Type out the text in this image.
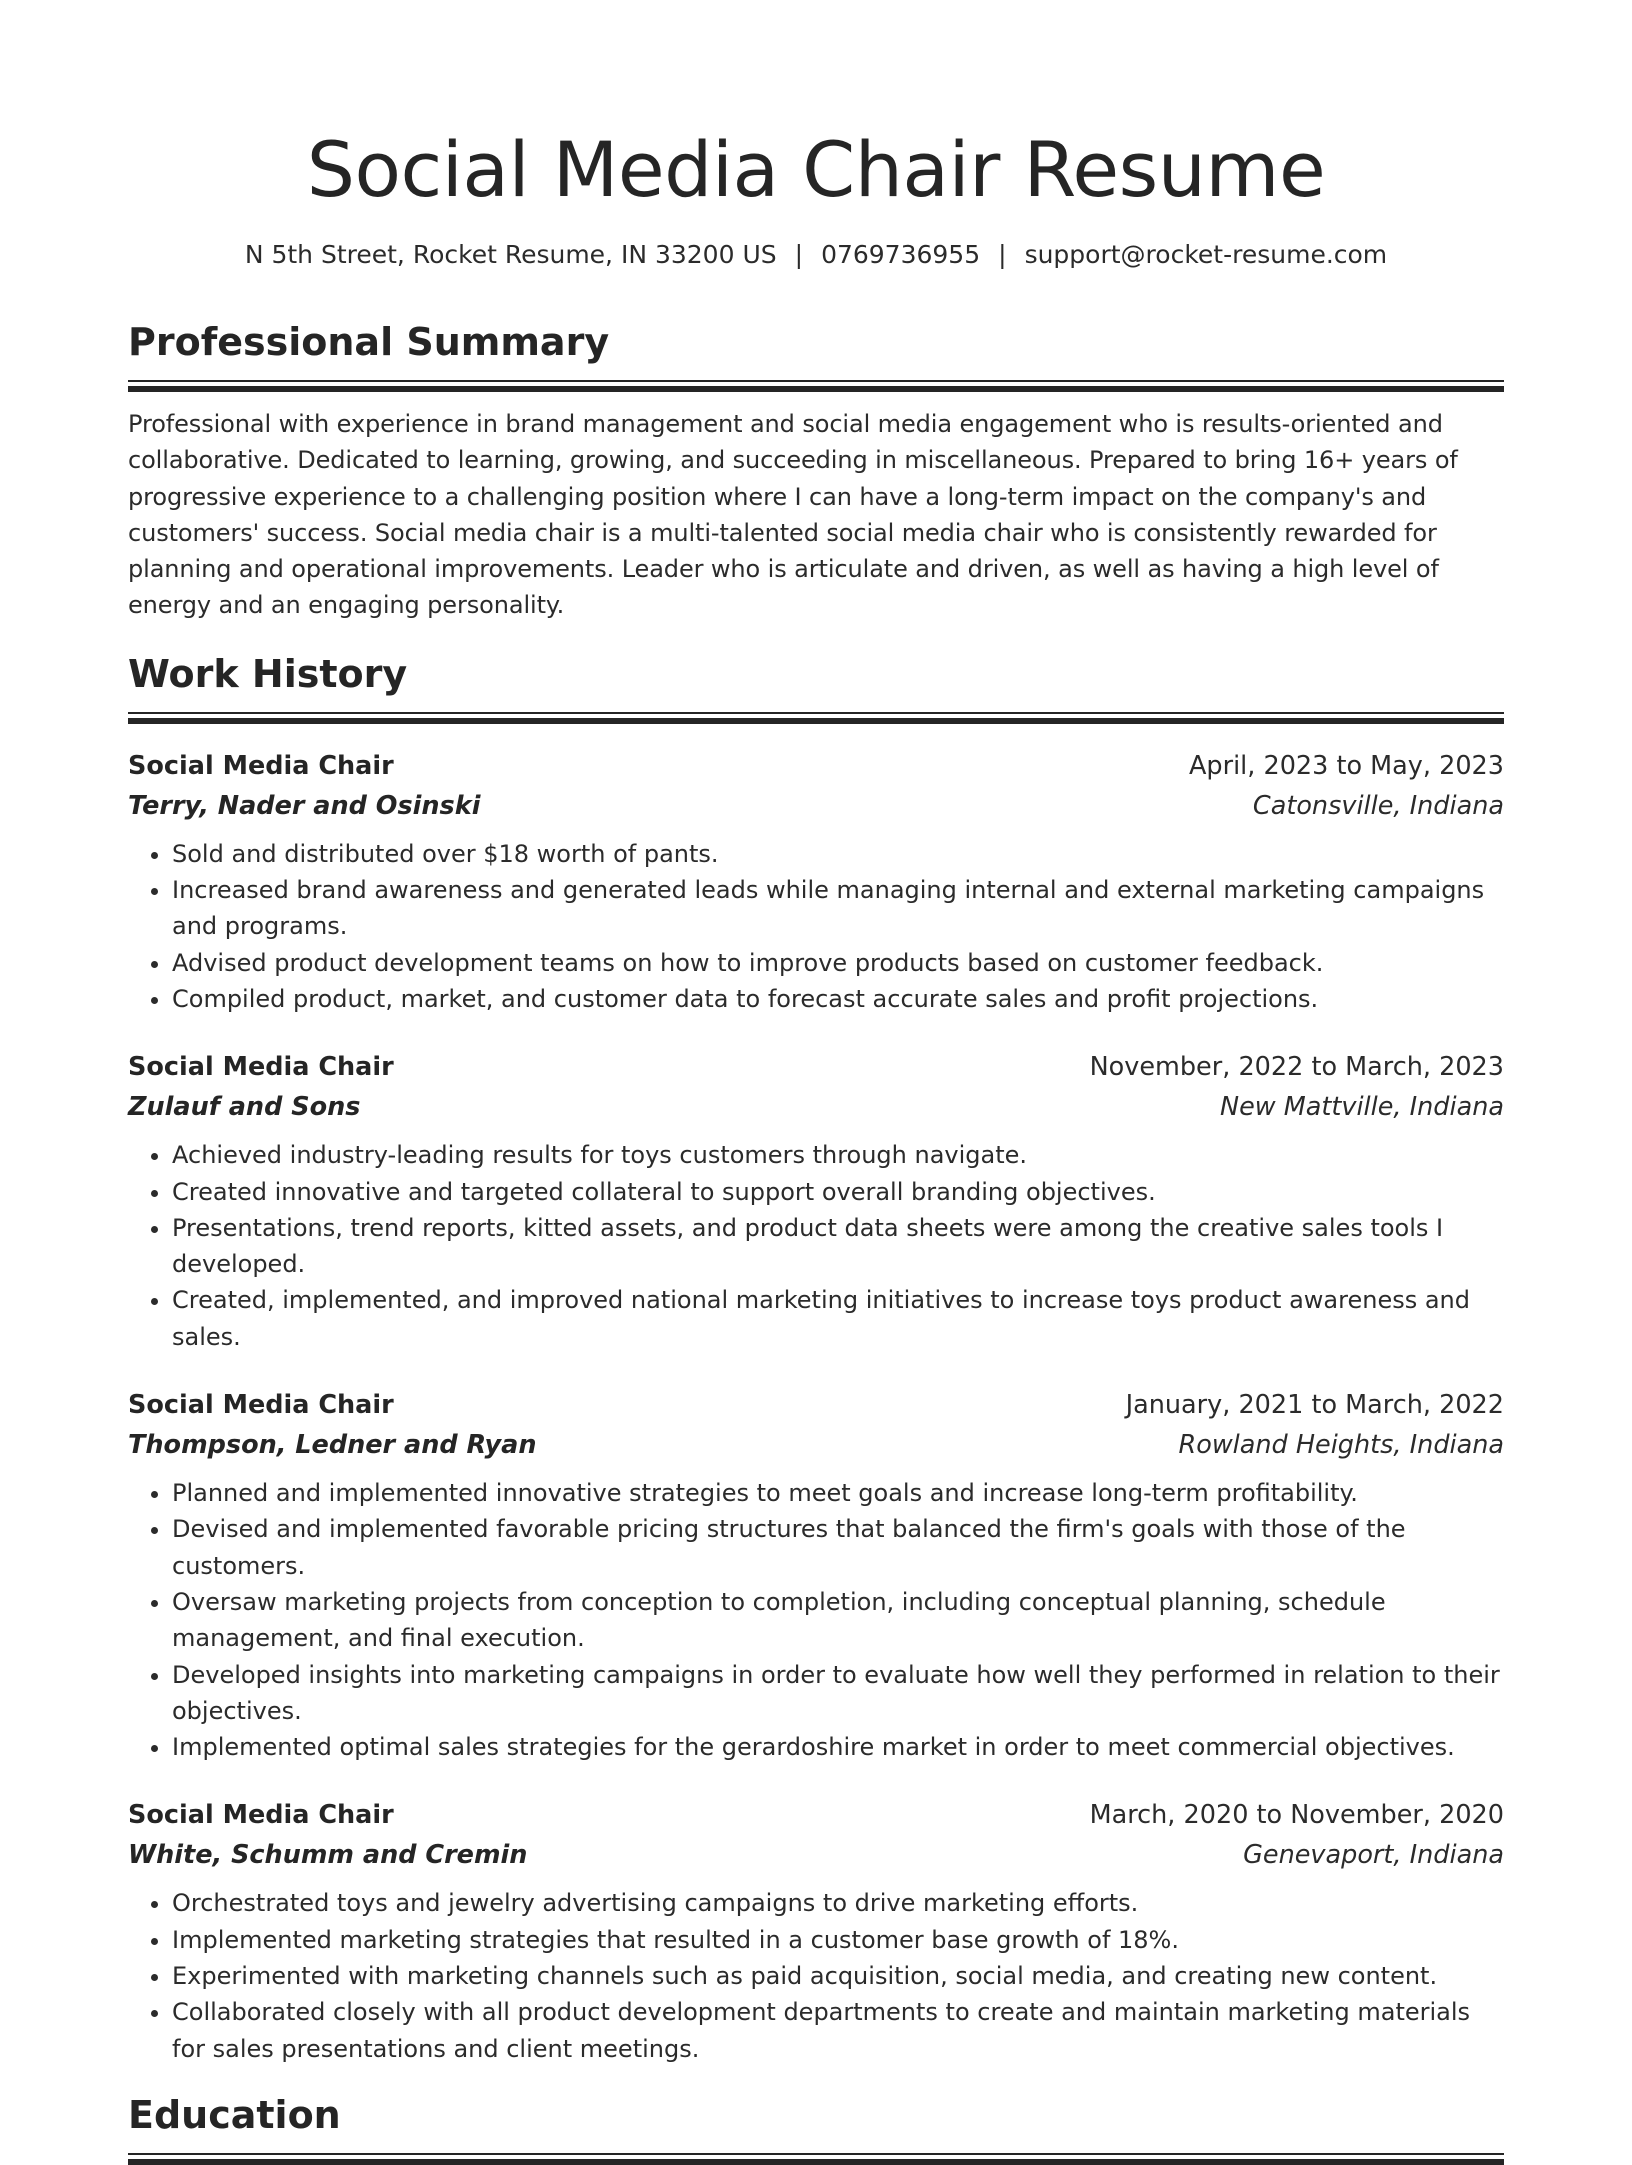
Social Media Chair Resume
N 5th Street, Rocket Resume, IN 33200 US | 0769736955 | support@rocket-resume.com
Professional Summary

Professional with experience in brand management and social media engagement who is results-oriented and collaborative. Dedicated to learning, growing, and succeeding in miscellaneous. Prepared to bring 16+ years of progressive experience to a challenging position where I can have a long-term impact on the company's and customers' success. Social media chair is a multi-talented social media chair who is consistently rewarded for planning and operational improvements. Leader who is articulate and driven, as well as having a high level of energy and an engaging personality.

Work History
Social Media Chair	April, 2023 to May, 2023
Terry, Nader and Osinski	Catonsville, Indiana
• Sold and distributed over $18 worth of pants.
• Increased brand awareness and generated leads while managing internal and external marketing campaigns and programs.
• Advised product development teams on how to improve products based on customer feedback.
• Compiled product, market, and customer data to forecast accurate sales and profit projections.
Social Media Chair	November, 2022 to March, 2023
Zulauf and Sons	New Mattville, Indiana
• Achieved industry-leading results for toys customers through navigate.
• Created innovative and targeted collateral to support overall branding objectives.
• Presentations, trend reports, kitted assets, and product data sheets were among the creative sales tools I developed.
• Created, implemented, and improved national marketing initiatives to increase toys product awareness and sales.
Social Media Chair	January, 2021 to March, 2022
Thompson, Ledner and Ryan	Rowland Heights, Indiana
• Planned and implemented innovative strategies to meet goals and increase long-term profitability.
• Devised and implemented favorable pricing structures that balanced the firm's goals with those of the customers.
• Oversaw marketing projects from conception to completion, including conceptual planning, schedule management, and final execution.
• Developed insights into marketing campaigns in order to evaluate how well they performed in relation to their objectives.
• Implemented optimal sales strategies for the gerardoshire market in order to meet commercial objectives.
Social Media Chair	March, 2020 to November, 2020
White, Schumm and Cremin	Genevaport, Indiana
• Orchestrated toys and jewelry advertising campaigns to drive marketing efforts.
• Implemented marketing strategies that resulted in a customer base growth of 18%.
• Experimented with marketing channels such as paid acquisition, social media, and creating new content.
• Collaborated closely with all product development departments to create and maintain marketing materials for sales presentations and client meetings.
Education
